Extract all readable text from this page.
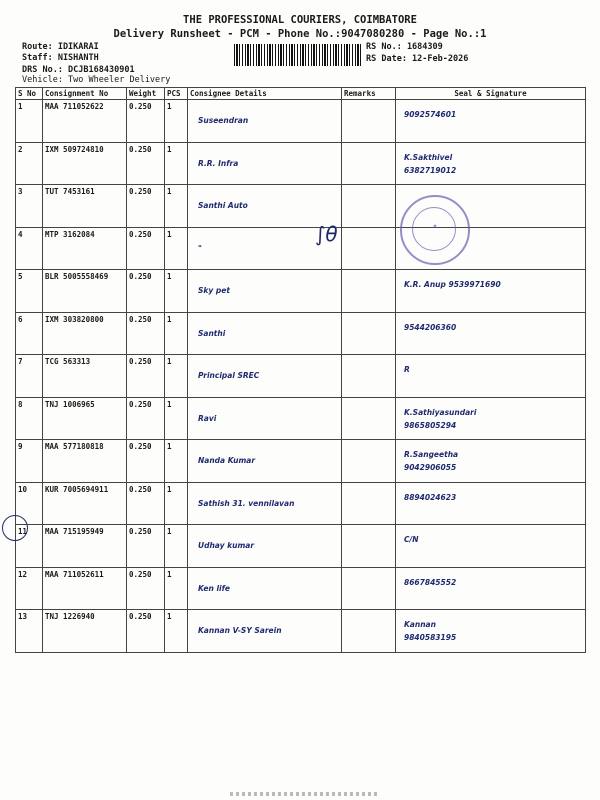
THE PROFESSIONAL COURIERS, COIMBATORE
Delivery Runsheet - PCM - Phone No.:9047080280 - Page No.:1
Route: IDIKARAI
Staff: NISHANTH
DRS No.: DCJB168430901
Vehicle: Two Wheeler Delivery
RS No.: 1684309
RS Date: 12-Feb-2026
S No	Consignment No	Weight	PCS	Consignee Details	Remarks	Seal & Signature
1	MAA 711052622	0.250	1	Suseendran		9092574601

2	IXM 509724810	0.250	1	R.R. Infra		K.Sakthivel
6382719012

3	TUT 7453161	0.250	1	Santhi Auto		

4	MTP 3162084	0.250	1	"		

5	BLR 5005558469	0.250	1	Sky pet		K.R. Anup 9539971690

6	IXM 303820800	0.250	1	Santhi		9544206360

7	TCG 563313	0.250	1	Principal SREC		R

8	TNJ 1006965	0.250	1	Ravi		K.Sathiyasundari
9865805294

9	MAA 577180818	0.250	1	Nanda Kumar		R.Sangeetha
9042906055

10	KUR 7005694911	0.250	1	Sathish 31. vennilavan		8894024623

11	MAA 715195949	0.250	1	Udhay kumar		C/N

12	MAA 711052611	0.250	1	Ken life		8667845552

13	TNJ 1226940	0.250	1	Kannan V-SY Sarein		Kannan
9840583195
★
∫θ
